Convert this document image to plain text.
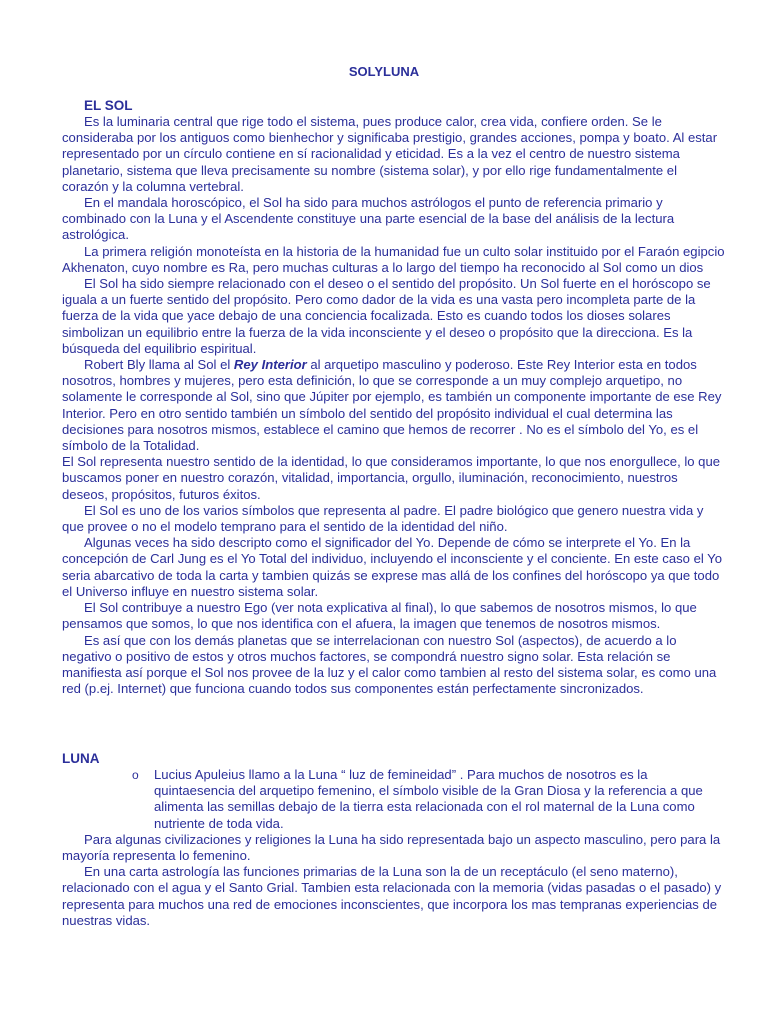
SOLYLUNA
EL SOL

Es la luminaria central que rige todo el sistema, pues produce calor, crea vida, confiere orden. Se le consideraba por los antiguos como bienhechor y significaba prestigio, grandes acciones, pompa y boato. Al estar representado por un círculo contiene en sí racionalidad y eticidad. Es a la vez el centro de nuestro sistema planetario, sistema que lleva precisamente su nombre (sistema solar), y por ello rige fundamentalmente el corazón y la columna vertebral.

En el mandala horoscópico, el Sol ha sido para muchos astrólogos el punto de referencia primario y combinado con la Luna y el Ascendente constituye una parte esencial de la base del análisis de la lectura astrológica.

La primera religión monoteísta en la historia de la humanidad fue un culto solar instituido por el Faraón egipcio Akhenaton, cuyo nombre es Ra, pero muchas culturas a lo largo del tiempo ha reconocido al Sol como un dios

El Sol ha sido siempre relacionado con el deseo o el sentido del propósito. Un Sol fuerte en el horóscopo se iguala a un fuerte sentido del propósito. Pero como dador de la vida es una vasta pero incompleta parte de la fuerza de la vida que yace debajo de una conciencia focalizada. Esto es cuando todos los dioses solares simbolizan un equilibrio entre la fuerza de la vida inconsciente y el deseo o propósito que la direcciona. Es la búsqueda del equilibrio espiritual.

Robert Bly llama al Sol el Rey Interior al arquetipo masculino y poderoso. Este Rey Interior esta en todos nosotros, hombres y mujeres, pero esta definición, lo que se corresponde a un muy complejo arquetipo, no solamente le corresponde al Sol, sino que Júpiter por ejemplo, es también un componente importante de ese Rey Interior. Pero en otro sentido también un símbolo del sentido del propósito individual el cual determina las decisiones para nosotros mismos, establece el camino que hemos de recorrer . No es el símbolo del Yo, es el símbolo de la Totalidad.

El Sol representa nuestro sentido de la identidad, lo que consideramos importante, lo que nos enorgullece, lo que buscamos poner en nuestro corazón, vitalidad, importancia, orgullo, iluminación, reconocimiento, nuestros deseos, propósitos, futuros éxitos.

El Sol es uno de los varios símbolos que representa al padre. El padre biológico que genero nuestra vida y que provee o no el modelo temprano para el sentido de la identidad del niño.

Algunas veces ha sido descripto como el significador del Yo. Depende de cómo se interprete el Yo. En la concepción de Carl Jung es el Yo Total del individuo, incluyendo el inconsciente y el conciente. En este caso el Yo seria abarcativo de toda la carta y tambien quizás se exprese mas allá de los confines del horóscopo ya que todo el Universo influye en nuestro sistema solar.

El Sol contribuye a nuestro Ego (ver nota explicativa al final), lo que sabemos de nosotros mismos, lo que pensamos que somos, lo que nos identifica con el afuera, la imagen que tenemos de nosotros mismos.

Es así que con los demás planetas que se interrelacionan con nuestro Sol (aspectos), de acuerdo a lo negativo o positivo de estos y otros muchos factores, se compondrá nuestro signo solar. Esta relación se manifiesta así porque el Sol nos provee de la luz y el calor como tambien al resto del sistema solar, es como una red (p.ej. Internet) que funciona cuando todos sus componentes están perfectamente sincronizados.

LUNA
o Lucius Apuleius llamo a la Luna “ luz de femineidad” . Para muchos de nosotros es la quintaesencia del arquetipo femenino, el símbolo visible de la Gran Diosa y la referencia a que alimenta las semillas debajo de la tierra esta relacionada con el rol maternal de la Luna como nutriente de toda vida.

Para algunas civilizaciones y religiones la Luna ha sido representada bajo un aspecto masculino, pero para la mayoría representa lo femenino.

En una carta astrología las funciones primarias de la Luna son la de un receptáculo (el seno materno), relacionado con el agua y el Santo Grial. Tambien esta relacionada con la memoria (vidas pasadas o el pasado) y representa para muchos una red de emociones inconscientes, que incorpora los mas tempranas experiencias de nuestras vidas.
